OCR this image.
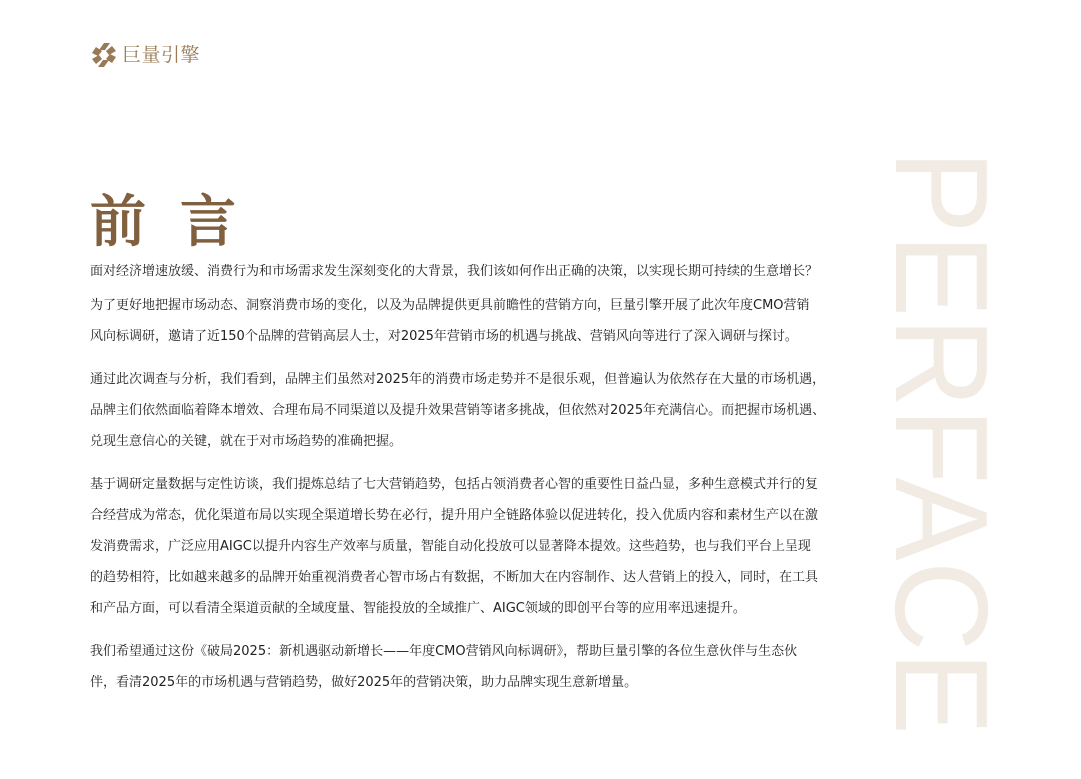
巨量引擎
前言

面对经济增速放缓、消费行为和市场需求发生深刻变化的大背景，我们该如何作出正确的决策，以实现长期可持续的生意增长？

为了更好地把握市场动态、洞察消费市场的变化，以及为品牌提供更具前瞻性的营销方向，巨量引擎开展了此次年度CMO营销
风向标调研，邀请了近150个品牌的营销高层人士，对2025年营销市场的机遇与挑战、营销风向等进行了深入调研与探讨。

通过此次调查与分析，我们看到，品牌主们虽然对2025年的消费市场走势并不是很乐观，但普遍认为依然存在大量的市场机遇，
品牌主们依然面临着降本增效、合理布局不同渠道以及提升效果营销等诸多挑战，但依然对2025年充满信心。而把握市场机遇、
兑现生意信心的关键，就在于对市场趋势的准确把握。

基于调研定量数据与定性访谈，我们提炼总结了七大营销趋势，包括占领消费者心智的重要性日益凸显，多种生意模式并行的复
合经营成为常态，优化渠道布局以实现全渠道增长势在必行，提升用户全链路体验以促进转化，投入优质内容和素材生产以在激
发消费需求，广泛应用AIGC以提升内容生产效率与质量，智能自动化投放可以显著降本提效。这些趋势，也与我们平台上呈现
的趋势相符，比如越来越多的品牌开始重视消费者心智市场占有数据，不断加大在内容制作、达人营销上的投入，同时，在工具
和产品方面，可以看清全渠道贡献的全域度量、智能投放的全域推广、AIGC领域的即创平台等的应用率迅速提升。

我们希望通过这份《破局2025：新机遇驱动新增长——年度CMO营销风向标调研》，帮助巨量引擎的各位生意伙伴与生态伙
伴，看清2025年的市场机遇与营销趋势，做好2025年的营销决策，助力品牌实现生意新增量。	PERFACE
